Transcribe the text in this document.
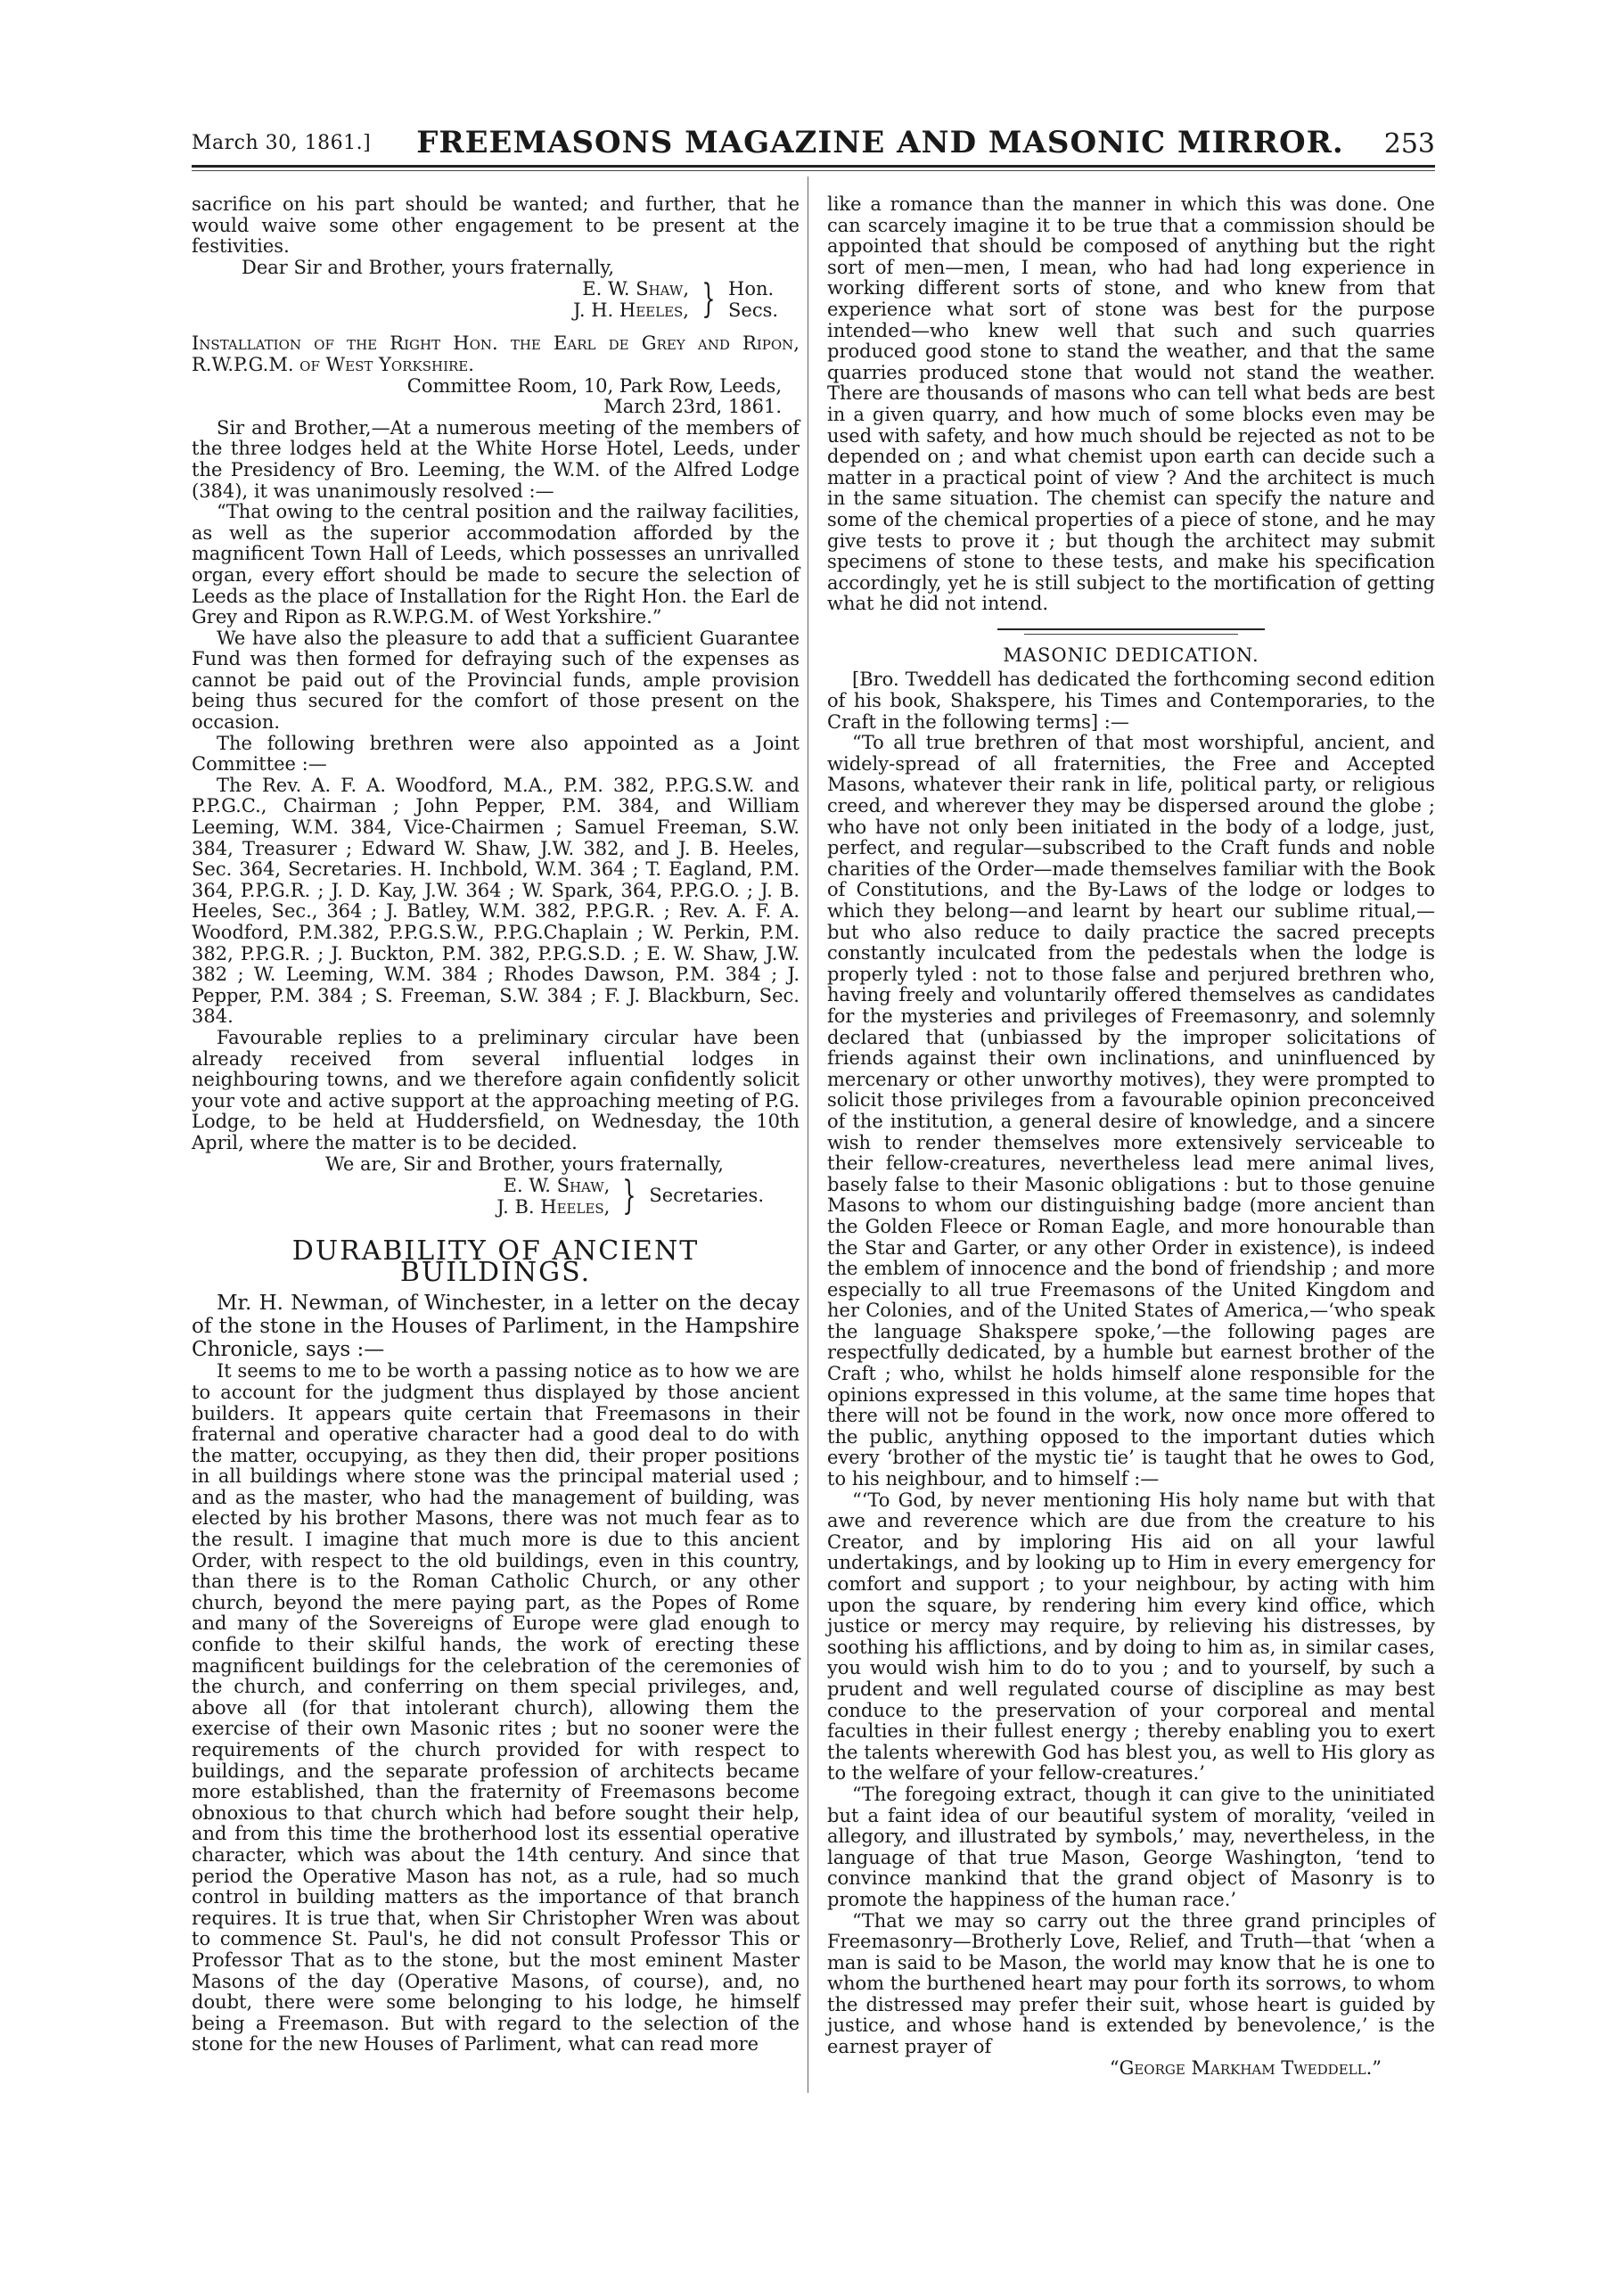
March 30, 1861.]	FREEMASONS MAGAZINE AND MASONIC MIRROR.	253

sacrifice on his part should be wanted; and further, that he would waive some other engagement to be present at the festivities.

Dear Sir and Brother, yours fraternally,

E. W. Shaw,
J. H. Heeles, } Hon.
Secs.

Installation of the Right Hon. the Earl de Grey and Ripon, R.W.P.G.M. of West Yorkshire.

Committee Room, 10, Park Row, Leeds,

March 23rd, 1861.

Sir and Brother,—At a numerous meeting of the members of the three lodges held at the White Horse Hotel, Leeds, under the Presidency of Bro. Leeming, the W.M. of the Alfred Lodge (384), it was unanimously resolved :—

“That owing to the central position and the railway facilities, as well as the superior accommodation afforded by the magnificent Town Hall of Leeds, which possesses an unrivalled organ, every effort should be made to secure the selection of Leeds as the place of Installation for the Right Hon. the Earl de Grey and Ripon as R.W.P.G.M. of West Yorkshire.”

We have also the pleasure to add that a sufficient Guarantee Fund was then formed for defraying such of the expenses as cannot be paid out of the Provincial funds, ample provision being thus secured for the comfort of those present on the occasion.

The following brethren were also appointed as a Joint Committee :—

The Rev. A. F. A. Woodford, M.A., P.M. 382, P.P.G.S.W. and P.P.G.C., Chairman ; John Pepper, P.M. 384, and William Leeming, W.M. 384, Vice-Chairmen ; Samuel Freeman, S.W. 384, Treasurer ; Edward W. Shaw, J.W. 382, and J. B. Heeles, Sec. 364, Secretaries. H. Inchbold, W.M. 364 ; T. Eagland, P.M. 364, P.P.G.R. ; J. D. Kay, J.W. 364 ; W. Spark, 364, P.P.G.O. ; J. B. Heeles, Sec., 364 ; J. Batley, W.M. 382, P.P.G.R. ; Rev. A. F. A. Woodford, P.M.382, P.P.G.S.W., P.P.G.Chaplain ; W. Perkin, P.M. 382, P.P.G.R. ; J. Buckton, P.M. 382, P.P.G.S.D. ; E. W. Shaw, J.W. 382 ; W. Leeming, W.M. 384 ; Rhodes Dawson, P.M. 384 ; J. Pepper, P.M. 384 ; S. Freeman, S.W. 384 ; F. J. Blackburn, Sec. 384.

Favourable replies to a preliminary circular have been already received from several influential lodges in neighbouring towns, and we therefore again confidently solicit your vote and active support at the approaching meeting of P.G. Lodge, to be held at Huddersfield, on Wednesday, the 10th April, where the matter is to be decided.

We are, Sir and Brother, yours fraternally,

E. W. Shaw,
J. B. Heeles, } Secretaries.
DURABILITY OF ANCIENT BUILDINGS.

Mr. H. Newman, of Winchester, in a letter on the decay of the stone in the Houses of Parliment, in the Hampshire Chronicle, says :—

It seems to me to be worth a passing notice as to how we are to account for the judgment thus displayed by those ancient builders. It appears quite certain that Freemasons in their fraternal and operative character had a good deal to do with the matter, occupying, as they then did, their proper positions in all buildings where stone was the principal material used ; and as the master, who had the management of building, was elected by his brother Masons, there was not much fear as to the result. I imagine that much more is due to this ancient Order, with respect to the old buildings, even in this country, than there is to the Roman Catholic Church, or any other church, beyond the mere paying part, as the Popes of Rome and many of the Sovereigns of Europe were glad enough to confide to their skilful hands, the work of erecting these magnificent buildings for the celebration of the ceremonies of the church, and conferring on them special privileges, and, above all (for that intolerant church), allowing them the exercise of their own Masonic rites ; but no sooner were the requirements of the church provided for with respect to buildings, and the separate profession of architects became more established, than the fraternity of Freemasons become obnoxious to that church which had before sought their help, and from this time the brotherhood lost its essential operative character, which was about the 14th century. And since that period the Operative Mason has not, as a rule, had so much control in building matters as the importance of that branch requires. It is true that, when Sir Christopher Wren was about to commence St. Paul's, he did not consult Professor This or Professor That as to the stone, but the most eminent Master Masons of the day (Operative Masons, of course), and, no doubt, there were some belonging to his lodge, he himself being a Freemason. But with regard to the selection of the stone for the new Houses of Parliment, what can read more

like a romance than the manner in which this was done. One can scarcely imagine it to be true that a commission should be appointed that should be composed of anything but the right sort of men—men, I mean, who had had long experience in working different sorts of stone, and who knew from that experience what sort of stone was best for the purpose intended—who knew well that such and such quarries produced good stone to stand the weather, and that the same quarries produced stone that would not stand the weather. There are thousands of masons who can tell what beds are best in a given quarry, and how much of some blocks even may be used with safety, and how much should be rejected as not to be depended on ; and what chemist upon earth can decide such a matter in a practical point of view ? And the architect is much in the same situation. The chemist can specify the nature and some of the chemical properties of a piece of stone, and he may give tests to prove it ; but though the architect may submit specimens of stone to these tests, and make his specification accordingly, yet he is still subject to the mortification of getting what he did not intend.

MASONIC DEDICATION.

[Bro. Tweddell has dedicated the forthcoming second edition of his book, Shakspere, his Times and Contemporaries, to the Craft in the following terms] :—

“To all true brethren of that most worshipful, ancient, and widely-spread of all fraternities, the Free and Accepted Masons, whatever their rank in life, political party, or religious creed, and wherever they may be dispersed around the globe ; who have not only been initiated in the body of a lodge, just, perfect, and regular—subscribed to the Craft funds and noble charities of the Order—made themselves familiar with the Book of Constitutions, and the By-Laws of the lodge or lodges to which they belong—and learnt by heart our sublime ritual,—but who also reduce to daily practice the sacred precepts constantly inculcated from the pedestals when the lodge is properly tyled : not to those false and perjured brethren who, having freely and voluntarily offered themselves as candidates for the mysteries and privileges of Freemasonry, and solemnly declared that (unbiassed by the improper solicitations of friends against their own inclinations, and uninfluenced by mercenary or other unworthy motives), they were prompted to solicit those privileges from a favourable opinion preconceived of the institution, a general desire of knowledge, and a sincere wish to render themselves more extensively serviceable to their fellow-creatures, nevertheless lead mere animal lives, basely false to their Masonic obligations : but to those genuine Masons to whom our distinguishing badge (more ancient than the Golden Fleece or Roman Eagle, and more honourable than the Star and Garter, or any other Order in existence), is indeed the emblem of innocence and the bond of friendship ; and more especially to all true Freemasons of the United Kingdom and her Colonies, and of the United States of America,—‘who speak the language Shakspere spoke,’—the following pages are respectfully dedicated, by a humble but earnest brother of the Craft ; who, whilst he holds himself alone responsible for the opinions expressed in this volume, at the same time hopes that there will not be found in the work, now once more offered to the public, anything opposed to the important duties which every ‘brother of the mystic tie’ is taught that he owes to God, to his neighbour, and to himself :—

“‘To God, by never mentioning His holy name but with that awe and reverence which are due from the creature to his Creator, and by imploring His aid on all your lawful undertakings, and by looking up to Him in every emergency for comfort and support ; to your neighbour, by acting with him upon the square, by rendering him every kind office, which justice or mercy may require, by relieving his distresses, by soothing his afflictions, and by doing to him as, in similar cases, you would wish him to do to you ; and to yourself, by such a prudent and well regulated course of discipline as may best conduce to the preservation of your corporeal and mental faculties in their fullest energy ; thereby enabling you to exert the talents wherewith God has blest you, as well to His glory as to the welfare of your fellow-creatures.’

“The foregoing extract, though it can give to the uninitiated but a faint idea of our beautiful system of morality, ‘veiled in allegory, and illustrated by symbols,’ may, nevertheless, in the language of that true Mason, George Washington, ‘tend to convince mankind that the grand object of Masonry is to promote the happiness of the human race.’

“That we may so carry out the three grand principles of Freemasonry—Brotherly Love, Relief, and Truth—that ‘when a man is said to be Mason, the world may know that he is one to whom the burthened heart may pour forth its sorrows, to whom the distressed may prefer their suit, whose heart is guided by justice, and whose hand is extended by benevolence,’ is the earnest prayer of

“George Markham Tweddell.”
